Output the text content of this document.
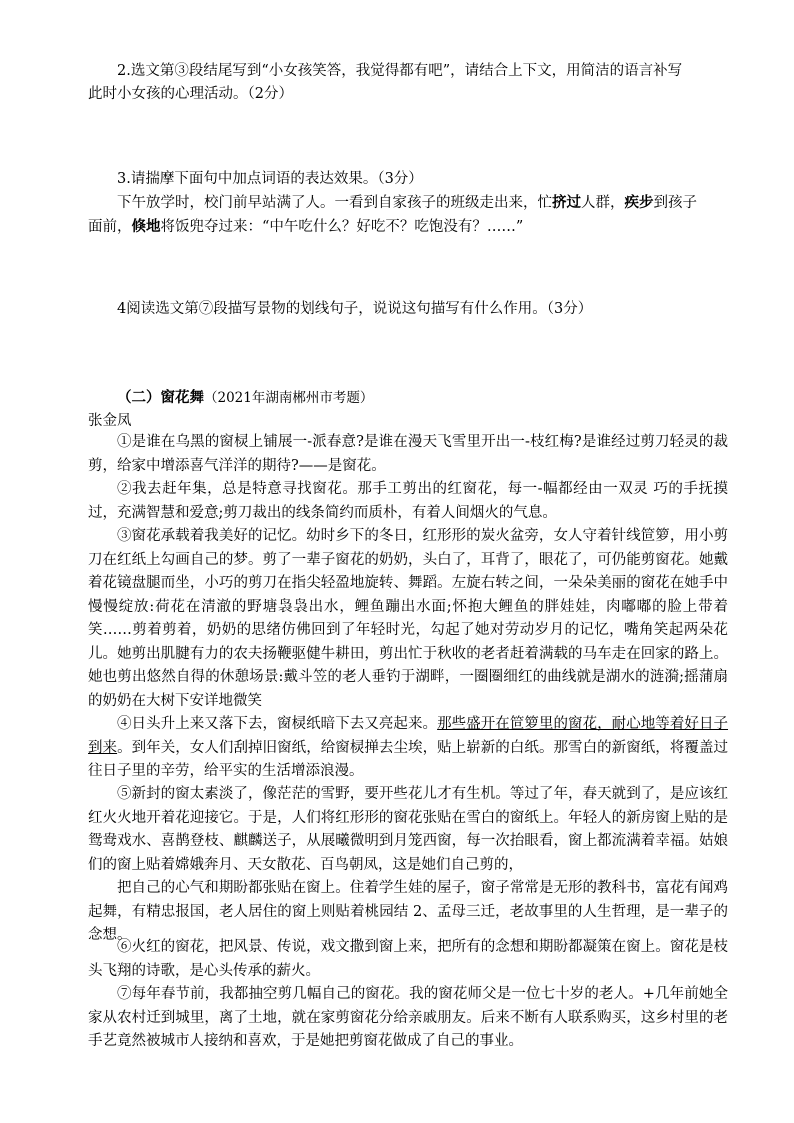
2.选文第③段结尾写到“小女孩笑答，我觉得都有吧”，请结合上下文，用简洁的语言补写
此时小女孩的心理活动。（2分）
3.请揣摩下面句中加点词语的表达效果。（3分）
下午放学时，校门前早站满了人。一看到自家孩子的班级走出来，忙挤过人群，疾步到孩子
面前，倏地将饭兜夺过来：“中午吃什么？好吃不？吃饱没有？……”
4阅读选文第⑦段描写景物的划线句子，说说这句描写有什么作用。（3分）
（二）窗花舞（2021年湖南郴州市考题）
张金凤
①是谁在乌黑的窗棂上铺展一-派春意?是谁在漫天飞雪里开出一-枝红梅?是谁经过剪刀轻灵的裁剪，给家中增添喜气洋洋的期待?——是窗花。
②我去赶年集，总是特意寻找窗花。那手工剪出的红窗花，每一-幅都经由一双灵 巧的手抚摸过，充满智慧和爱意;剪刀裁出的线条简约而质朴，有着人间烟火的气息。
③窗花承载着我美好的记忆。幼时乡下的冬日，红形形的炭火盆旁，女人守着针线笸箩，用小剪刀在红纸上勾画自己的梦。剪了一辈子窗花的奶奶，头白了，耳背了，眼花了，可仍能剪窗花。她戴着花镜盘腿而坐，小巧的剪刀在指尖轻盈地旋转、舞蹈。左旋右转之间，一朵朵美丽的窗花在她手中慢慢绽放:荷花在清澈的野塘袅袅出水，鲤鱼蹦出水面;怀抱大鲤鱼的胖娃娃，肉嘟嘟的脸上带着笑……剪着剪着，奶奶的思绪仿佛回到了年轻时光，勾起了她对劳动岁月的记忆，嘴角笑起两朵花儿。她剪出肌腱有力的农夫扬鞭驱健牛耕田，剪出忙于秋收的老者赶着满载的马车走在回家的路上。她也剪出悠然自得的休憩场景:戴斗笠的老人垂钓于湖畔，一圈圈细红的曲线就是湖水的涟漪;摇蒲扇的奶奶在大树下安详地微笑
④日头升上来又落下去，窗棂纸暗下去又亮起来。那些盛开在笸箩里的窗花，耐心地等着好日子到来。到年关，女人们刮掉旧窗纸，给窗棂掸去尘埃，贴上崭新的白纸。那雪白的新窗纸，将覆盖过往日子里的辛劳，给平实的生活增添浪漫。
⑤新封的窗太素淡了，像茫茫的雪野，要开些花儿才有生机。等过了年，春天就到了，是应该红红火火地开着花迎接它。于是，人们将红形形的窗花张贴在雪白的窗纸上。年轻人的新房窗上贴的是鸳鸯戏水、喜鹊登枝、麒麟送子，从展曦微明到月笼西窗，每一次抬眼看，窗上都流满着幸福。姑娘们的窗上贴着嫦娥奔月、天女散花、百鸟朝凤，这是她们自己剪的，
把自己的心气和期盼都张贴在窗上。住着学生娃的屋子，窗子常常是无形的教科书，富花有闻鸡起舞，有精忠报国，老人居住的窗上则贴着桃园结 2、孟母三迁，老故事里的人生哲理，是一辈子的念想。
⑥火红的窗花，把风景、传说，戏文撒到窗上来，把所有的念想和期盼都凝策在窗上。窗花是枝头飞翔的诗歌，是心头传承的薪火。
⑦每年春节前，我都抽空剪几幅自己的窗花。我的窗花师父是一位七十岁的老人。+几年前她全家从农村迁到城里，离了土地，就在家剪窗花分给亲戚朋友。后来不断有人联系购买，这乡村里的老手艺竟然被城市人接纳和喜欢，于是她把剪窗花做成了自己的事业。
